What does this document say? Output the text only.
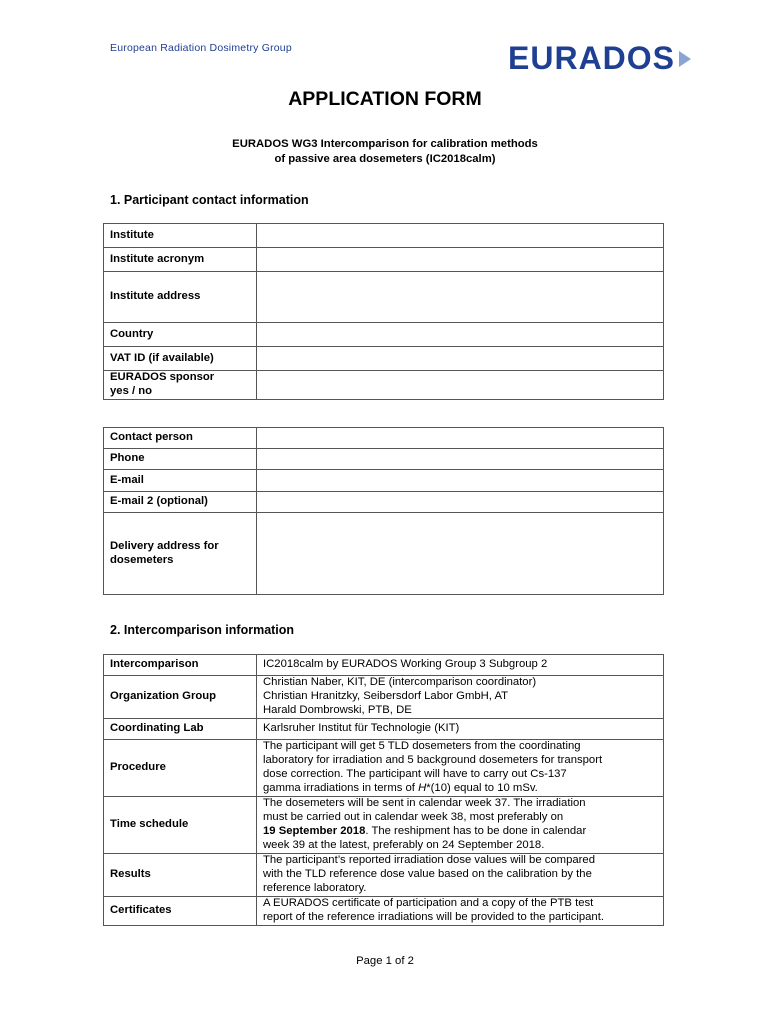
European Radiation Dosimetry Group	EURADOS
APPLICATION FORM
EURADOS WG3 Intercomparison for calibration methods
of passive area dosemeters (IC2018calm)
1. Participant contact information
Institute	
Institute acronym	
Institute address	
Country	
VAT ID (if available)	

EURADOS sponsor
yes / no	

Contact person	
Phone	
E-mail	
E-mail 2 (optional)	

Delivery address for
dosemeters	

2. Intercomparison information
Intercomparison	IC2018calm by EURADOS Working Group 3 Subgroup 2
Organization Group	Christian Naber, KIT, DE (intercomparison coordinator)
Christian Hranitzky, Seibersdorf Labor GmbH, AT
Harald Dombrowski, PTB, DE

Coordinating Lab	Karlsruher Institut für Technologie (KIT)
Procedure	The participant will get 5 TLD dosemeters from the coordinating
laboratory for irradiation and 5 background dosemeters for transport
dose correction. The participant will have to carry out Cs-137
gamma irradiations in terms of H*(10) equal to 10 mSv.

Time schedule	The dosemeters will be sent in calendar week 37. The irradiation
must be carried out in calendar week 38, most preferably on
19 September 2018. The reshipment has to be done in calendar
week 39 at the latest, preferably on 24 September 2018.

Results	The participant’s reported irradiation dose values will be compared
with the TLD reference dose value based on the calibration by the
reference laboratory.

Certificates	A EURADOS certificate of participation and a copy of the PTB test
report of the reference irradiations will be provided to the participant.
Page 1 of 2
